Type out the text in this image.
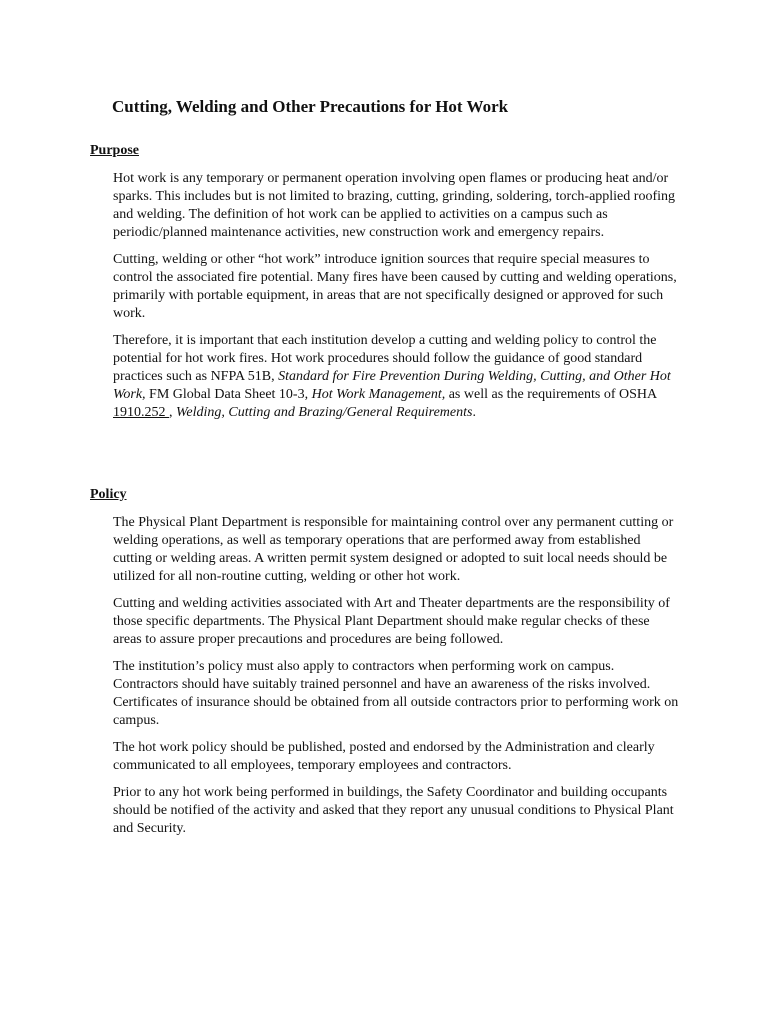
Cutting, Welding and Other Precautions for Hot Work
Purpose

Hot work is any temporary or permanent operation involving open flames or producing heat and/or sparks. This includes but is not limited to brazing, cutting, grinding, soldering, torch-applied roofing and welding. The definition of hot work can be applied to activities on a campus such as periodic/planned maintenance activities, new construction work and emergency repairs.

Cutting, welding or other “hot work” introduce ignition sources that require special measures to control the associated fire potential. Many fires have been caused by cutting and welding operations, primarily with portable equipment, in areas that are not specifically designed or approved for such work.

Therefore, it is important that each institution develop a cutting and welding policy to control the potential for hot work fires. Hot work procedures should follow the guidance of good standard practices such as NFPA 51B, Standard for Fire Prevention During Welding, Cutting, and Other Hot Work, FM Global Data Sheet 10-3, Hot Work Management, as well as the requirements of OSHA 1910.252 , Welding, Cutting and Brazing/General Requirements.

Policy

The Physical Plant Department is responsible for maintaining control over any permanent cutting or welding operations, as well as temporary operations that are performed away from established cutting or welding areas. A written permit system designed or adopted to suit local needs should be utilized for all non-routine cutting, welding or other hot work.

Cutting and welding activities associated with Art and Theater departments are the responsibility of those specific departments. The Physical Plant Department should make regular checks of these areas to assure proper precautions and procedures are being followed.

The institution’s policy must also apply to contractors when performing work on campus. Contractors should have suitably trained personnel and have an awareness of the risks involved. Certificates of insurance should be obtained from all outside contractors prior to performing work on campus.

The hot work policy should be published, posted and endorsed by the Administration and clearly communicated to all employees, temporary employees and contractors.

Prior to any hot work being performed in buildings, the Safety Coordinator and building occupants should be notified of the activity and asked that they report any unusual conditions to Physical Plant and Security.
